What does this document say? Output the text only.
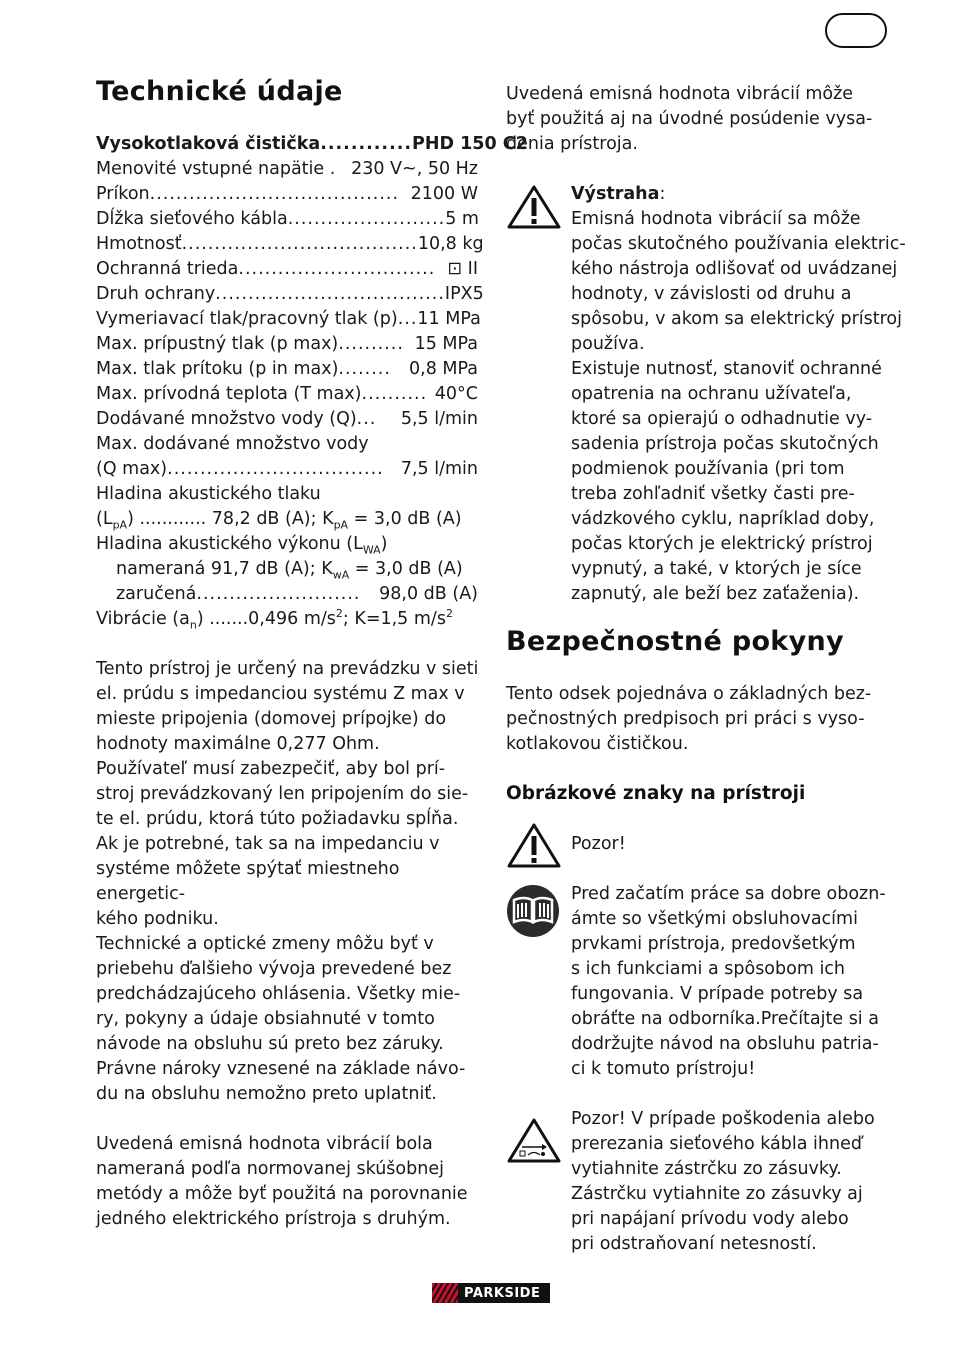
Technické údaje
Vysokotlaková čistička ............ PHD 150 C2
Menovité vstupné napätie . 230 V~, 50 Hz
Príkon ...................................... 2100 W
Dĺžka sieťového kábla ........................ 5 m
Hmotnosť .................................... 10,8 kg
Ochranná trieda .............................. ⊡ II
Druh ochrany ................................... IPX5
Vymeriavací tlak/pracovný tlak (p) ... 11 MPa
Max. prípustný tlak (p max) .......... 15 MPa
Max. tlak prítoku (p in max) ........	0,8 MPa
Max. prívodná teplota (T max) .......... 40°C
Dodávané množstvo vody (Q) ...	5,5 l/min
Max. dodávané množstvo vody
(Q max) ................................. 7,5 l/min
Hladina akustického tlaku
$(L_{pA})$ ............ 78,2 dB (A); $K_{pA} = 3,0$ dB (A)
Hladina akustického výkonu $(L_{WA})$
nameraná 91,7 dB (A); $K_{wA} = 3,0$ dB (A)
zaručená .........................	98,0 dB (A)
Vibrácie $(a_n)$ .......0,496 $m/s^2$; K=1,5 $m/s^2$

Tento prístroj je určený na prevádzku v sieti
el. prúdu s impedanciou systému Z max v
mieste pripojenia (domovej prípojke) do
hodnoty maximálne 0,277 Ohm.
Používateľ musí zabezpečiť, aby bol prí-
stroj prevádzkovaný len pripojením do sie-
te el. prúdu, ktorá túto požiadavku spĺňa.
Ak je potrebné, tak sa na impedanciu v
systéme môžete spýtať miestneho energetic-
kého podniku.

Technické a optické zmeny môžu byť v
priebehu ďalšieho vývoja prevedené bez
predchádzajúceho ohlásenia. Všetky mie-
ry, pokyny a údaje obsiahnuté v tomto
návode na obsluhu sú preto bez záruky.
Právne nároky vznesené na základe návo-
du na obsluhu nemožno preto uplatniť.

Uvedená emisná hodnota vibrácií bola
nameraná podľa normovanej skúšobnej
metódy a môže byť použitá na porovnanie
jedného elektrického prístroja s druhým.

Uvedená emisná hodnota vibrácií môže
byť použitá aj na úvodné posúdenie vysa-
denia prístroja.

Výstraha:

Emisná hodnota vibrácií sa môže
počas skutočného používania elektric-
kého nástroja odlišovať od uvádzanej
hodnoty, v závislosti od druhu a
spôsobu, v akom sa elektrický prístroj
používa.
Existuje nutnosť, stanoviť ochranné
opatrenia na ochranu užívateľa,
ktoré sa opierajú o odhadnutie vy-
sadenia prístroja počas skutočných
podmienok používania (pri tom
treba zohľadniť všetky časti pre-
vádzkového cyklu, napríklad doby,
počas ktorých je elektrický prístroj
vypnutý, a také, v ktorých je síce
zapnutý, ale beží bez zaťaženia).

Bezpečnostné pokyny

Tento odsek pojednáva o základných bez-
pečnostných predpisoch pri práci s vyso-
kotlakovou čističkou.

Obrázkové znaky na prístroji

Pozor!

Pred začatím práce sa dobre obozn-
ámte so všetkými obsluhovacími
prvkami prístroja, predovšetkým
s ich funkciami a spôsobom ich
fungovania. V prípade potreby sa
obráťte na odborníka.Prečítajte si a
dodržujte návod na obsluhu patria-
ci k tomuto prístroju!

Pozor! V prípade poškodenia alebo
prerezania sieťového kábla ihneď
vytiahnite zástrčku zo zásuvky.
Zástrčku vytiahnite zo zásuvky aj
pri napájaní prívodu vody alebo
pri odstraňovaní netesností.

PARKSIDE
